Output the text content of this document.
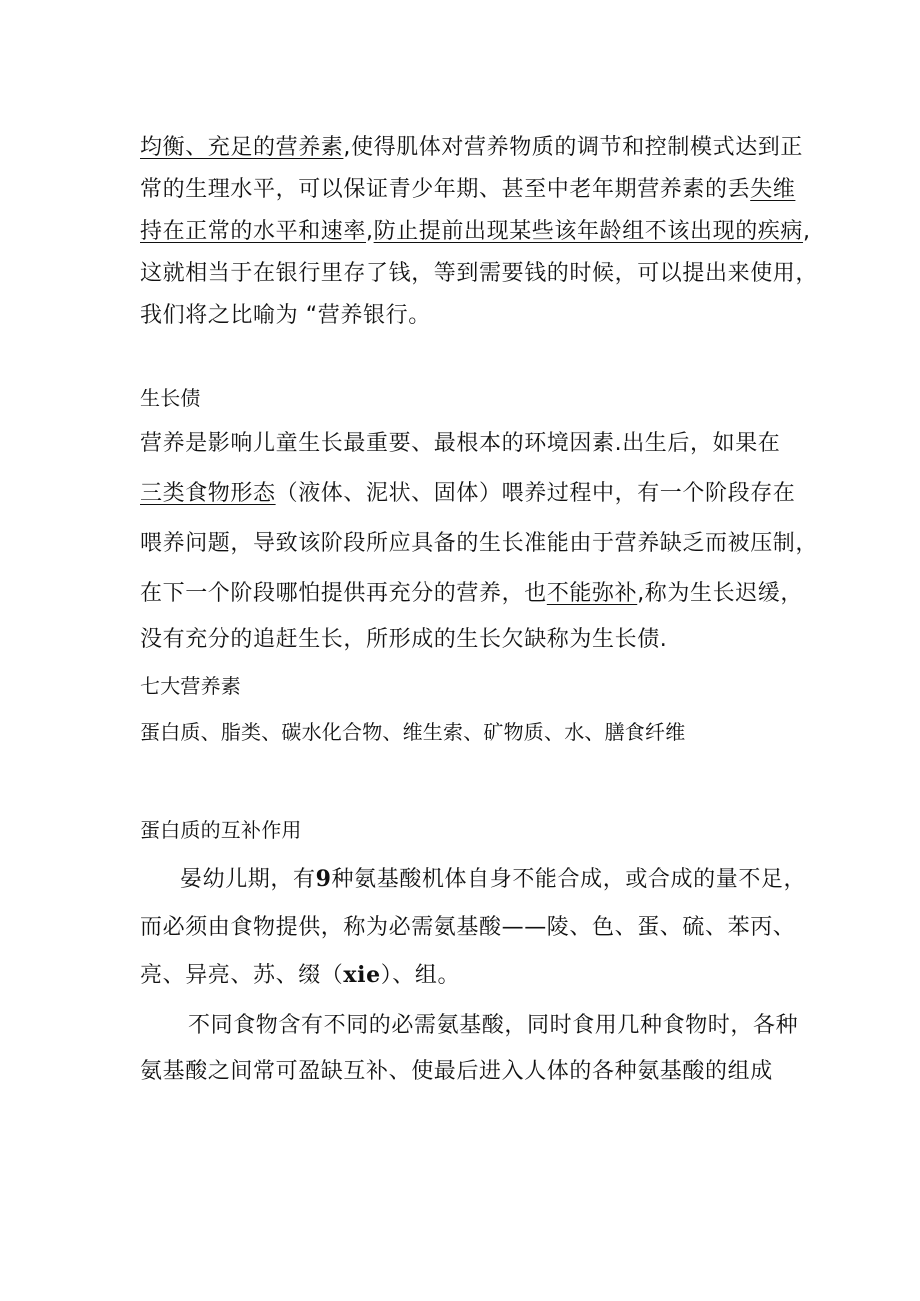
均衡、充足的营养素,使得肌体对营养物质的调节和控制模式达到正

常的生理水平，可以保证青少年期、甚至中老年期营养素的丢失维

持在正常的水平和速率,防止提前出现某些该年龄组不该出现的疾病,

这就相当于在银行里存了钱，等到需要钱的时候，可以提出来使用，

我们将之比喻为 “营养银行。

生长债

营养是影响儿童生长最重要、最根本的环境因素.出生后，如果在

三类食物形态（液体、泥状、固体）喂养过程中，有一个阶段存在

喂养问题，导致该阶段所应具备的生长准能由于营养缺乏而被压制，

在下一个阶段哪怕提供再充分的营养，也不能弥补,称为生长迟缓，

没有充分的追赶生长，所形成的生长欠缺称为生长债.

七大营养素

蛋白质、脂类、碳水化合物、维生索、矿物质、水、膳食纤维

蛋白质的互补作用

晏幼儿期，有9种氨基酸机体自身不能合成，或合成的量不足，

而必须由食物提供，称为必需氨基酸——陵、色、蛋、硫、苯丙、

亮、异亮、苏、缀（xie）、组。

不同食物含有不同的必需氨基酸，同时食用几种食物时，各种

氨基酸之间常可盈缺互补、使最后进入人体的各种氨基酸的组成
